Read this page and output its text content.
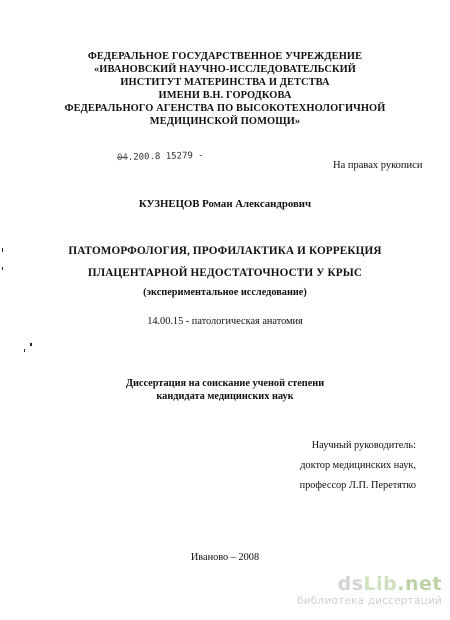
ФЕДЕРАЛЬНОЕ ГОСУДАРСТВЕННОЕ УЧРЕЖДЕНИЕ
«ИВАНОВСКИЙ НАУЧНО-ИССЛЕДОВАТЕЛЬСКИЙ
ИНСТИТУТ МАТЕРИНСТВА И ДЕТСТВА
ИМЕНИ В.Н. ГОРОДКОВА
ФЕДЕРАЛЬНОГО АГЕНСТВА ПО ВЫСОКОТЕХНОЛОГИЧНОЙ
МЕДИЦИНСКОЙ ПОМОЩИ»
04.200.8 15279 -
На правах рукописи
КУЗНЕЦОВ Роман Александрович
ПАТОМОРФОЛОГИЯ, ПРОФИЛАКТИКА И КОРРЕКЦИЯ
ПЛАЦЕНТАРНОЙ НЕДОСТАТОЧНОСТИ У КРЫС
(экспериментальное исследование)
14.00.15 - патологическая анатомия
Диссертация на соискание ученой степени
кандидата медицинских наук
Научный руководитель:
доктор медицинских наук,
профессор Л.П. Перетятко
Иваново – 2008
dsLib.net
библиотека диссертаций
